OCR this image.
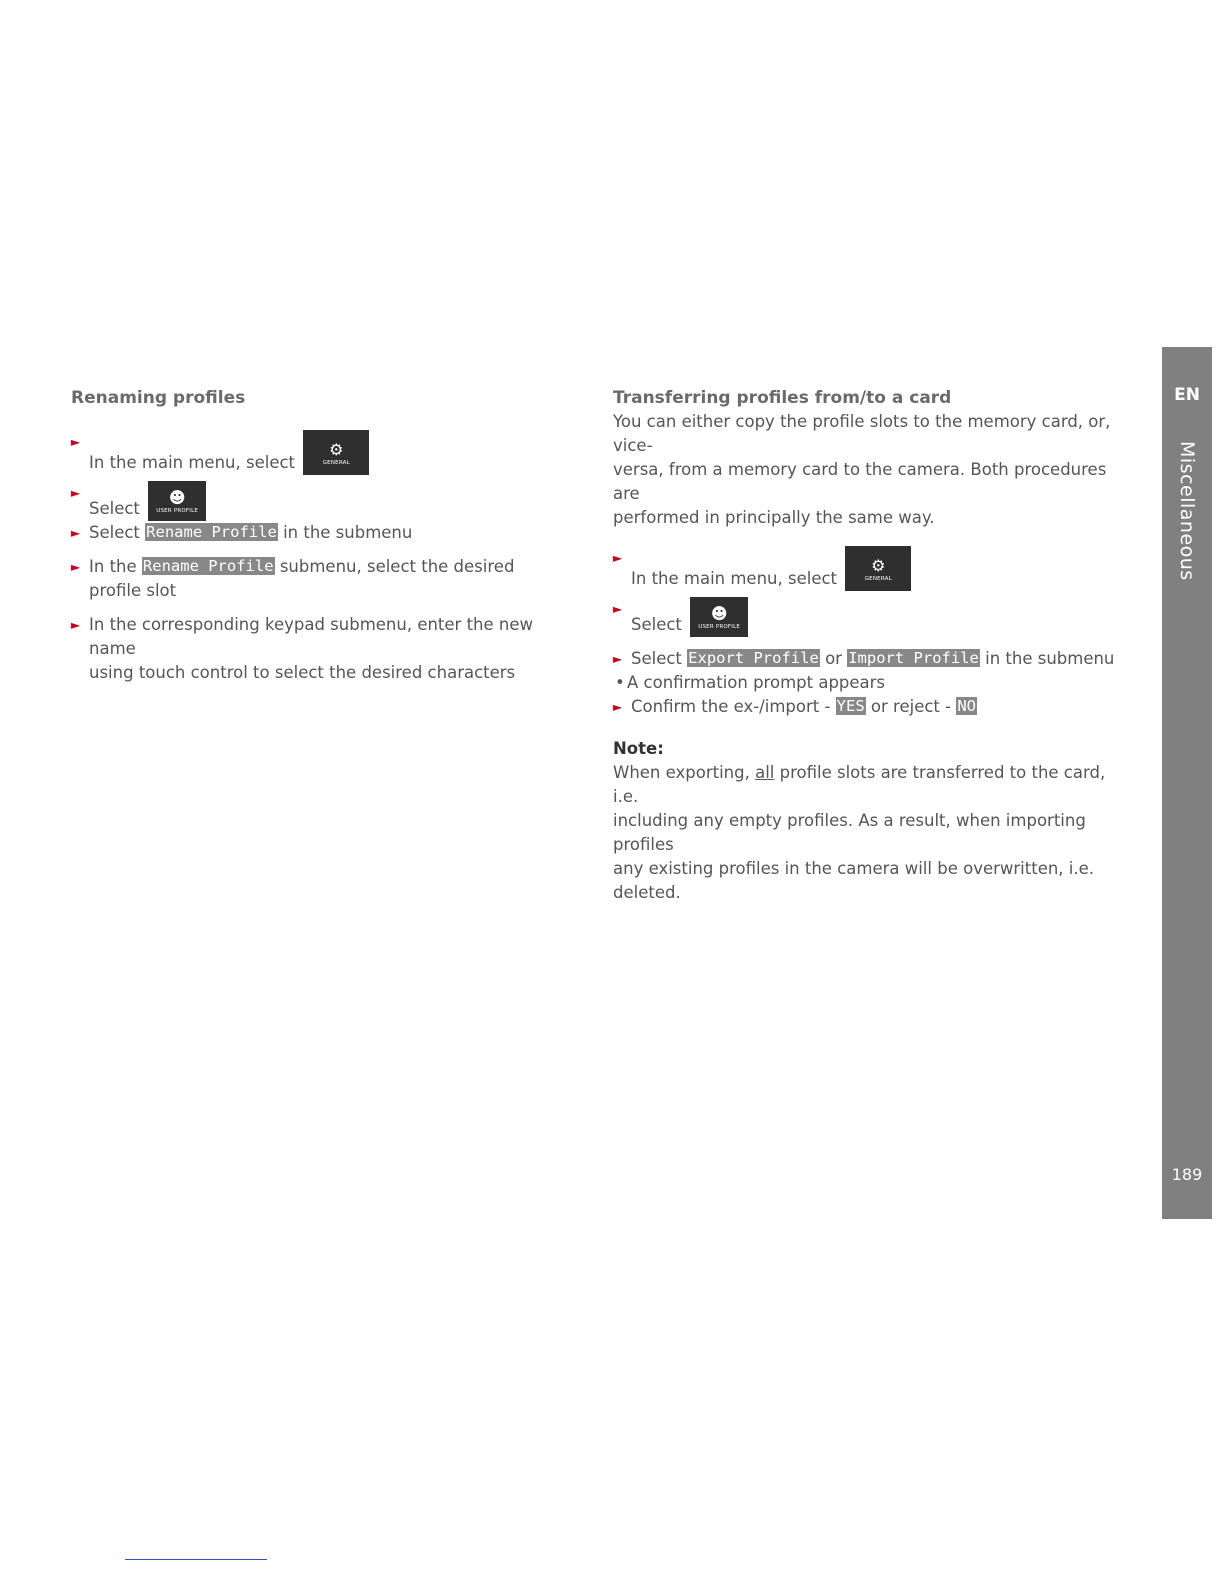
Renaming profiles

►
In the main menu, select
⚙
GENERAL

►
Select
☻
USER PROFILE

► Select Rename Profile in the submenu

► In the Rename Profile submenu, select the desired profile slot

► In the corresponding keypad submenu, enter the new name
using touch control to select the desired characters

Transferring profiles from/to a card

You can either copy the profile slots to the memory card, or, vice-
versa, from a memory card to the camera. Both procedures are
performed in principally the same way.

►
In the main menu, select
⚙
GENERAL

►
Select
☻
USER PROFILE

► Select Export Profile or Import Profile in the submenu

• A confirmation prompt appears

► Confirm the ex-/import - YES or reject - NO

Note:

When exporting, all profile slots are transferred to the card, i.e.
including any empty profiles. As a result, when importing profiles
any existing profiles in the camera will be overwritten, i.e. deleted.

EN
Miscellaneous
189
